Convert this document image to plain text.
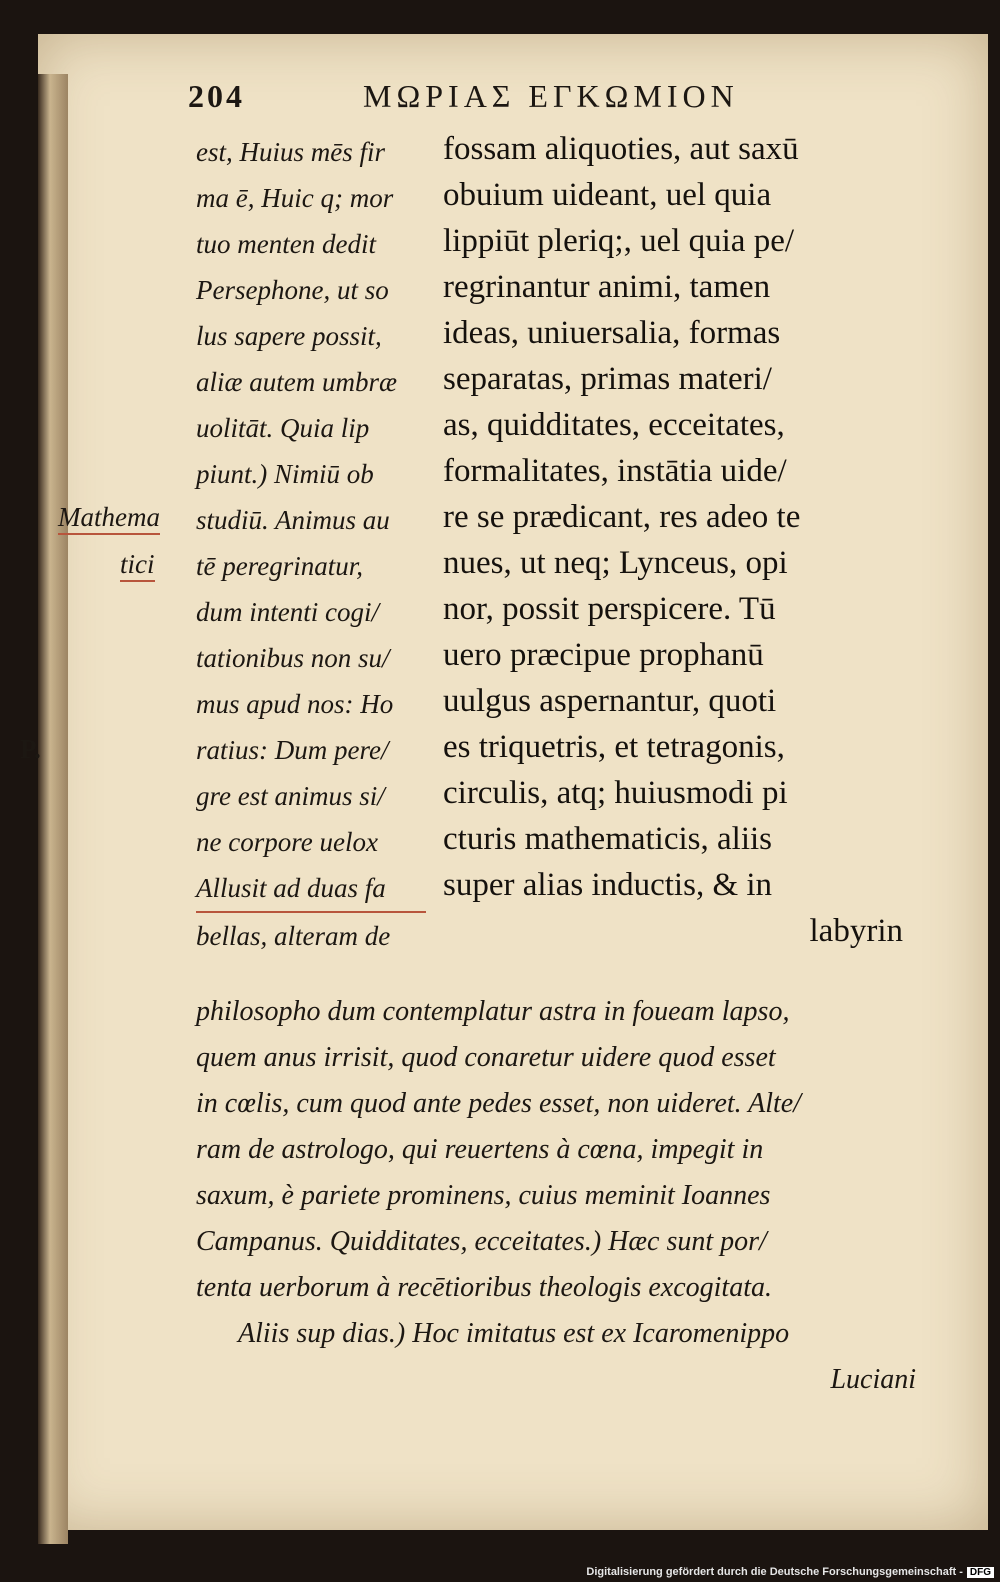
204	ΜΩΡΙΑΣ ΕΓΚΩΜΙΟΝ
Mathema
tici
P.
est, Huius mēs fir
ma ē, Huic q; mor
tuo menten dedit
Persephone, ut so
lus sapere possit,
aliæ autem umbræ
uolitāt. Quia lip
piunt.) Nimiū ob
studiū. Animus au
tē peregrinatur,
dum intenti cogi/
tationibus non su/
mus apud nos: Ho
ratius: Dum pere/
gre est animus si/
ne corpore uelox
Allusit ad duas fa
bellas, alteram de
fossam aliquoties, aut saxū
obuium uideant, uel quia
lippiūt pleriq;, uel quia pe/
regrinantur animi, tamen
ideas, uniuersalia, formas
separatas, primas materi/
as, quidditates, ecceitates,
formalitates, instātia uide/
re se prædicant, res adeo te
nues, ut neq; Lynceus, opi
nor, possit perspicere. Tū
uero præcipue prophanū
uulgus aspernantur, quoti
es triquetris, et tetragonis,
circulis, atq; huiusmodi pi
cturis mathematicis, aliis
super alias inductis, & in
labyrin
philosopho dum contemplatur astra in foueam lapso,
quem anus irrisit, quod conaretur uidere quod esset
in cœlis, cum quod ante pedes esset, non uideret. Alte/
ram de astrologo, qui reuertens à cœna, impegit in
saxum, è pariete prominens, cuius meminit Ioannes
Campanus. Quidditates, ecceitates.) Hæc sunt por/
tenta uerborum à recētioribus theologis excogitata.
Aliis sup dias.) Hoc imitatus est ex Icaromenippo
Luciani
Digitalisierung gefördert durch die Deutsche Forschungsgemeinschaft - DFG
